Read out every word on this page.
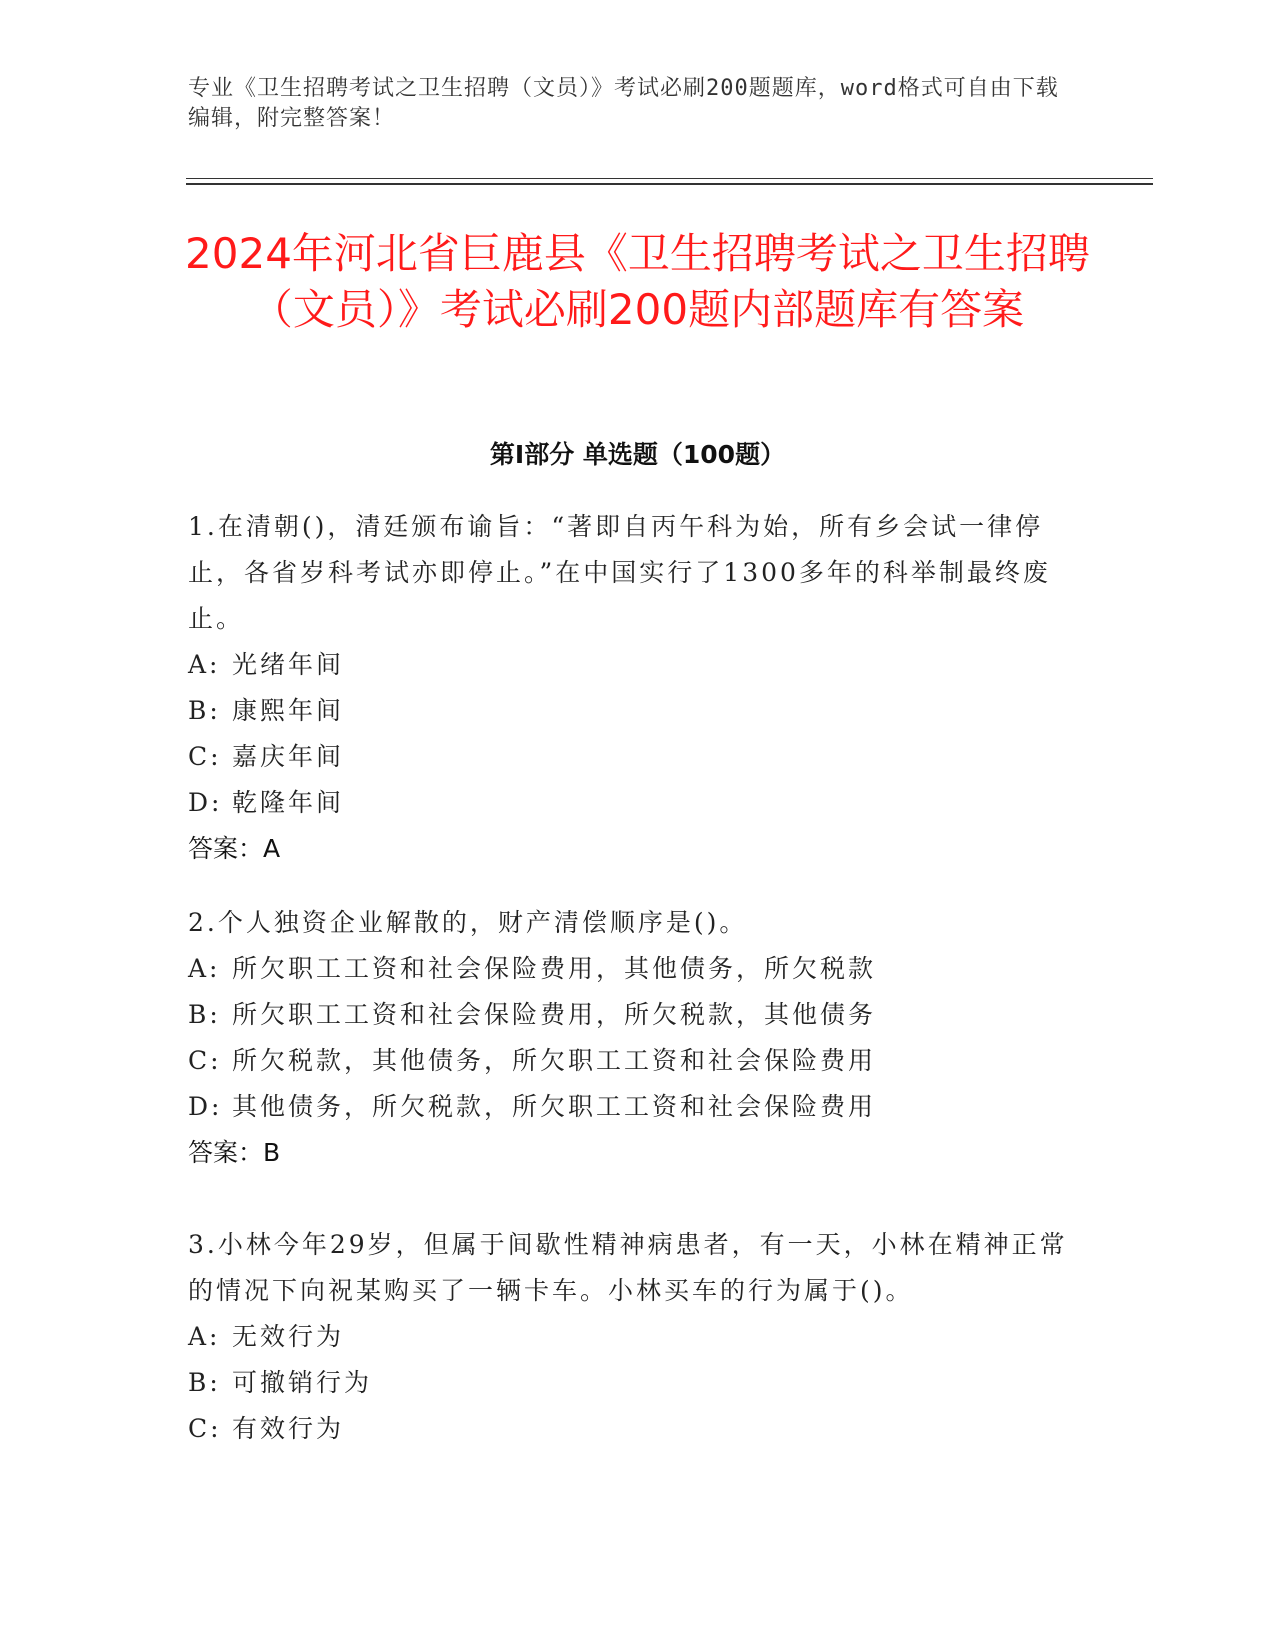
专业《卫生招聘考试之卫生招聘（文员）》考试必刷200题题库，word格式可自由下载编辑，附完整答案！
2024年河北省巨鹿县《卫生招聘考试之卫生招聘（文员）》考试必刷200题内部题库有答案
第Ⅰ部分 单选题（100题）

1.在清朝()，清廷颁布谕旨：“著即自丙午科为始，所有乡会试一律停止，各省岁科考试亦即停止。”在中国实行了1300多年的科举制最终废止。

A: 光绪年间

B: 康熙年间

C: 嘉庆年间

D: 乾隆年间

答案：A

2.个人独资企业解散的，财产清偿顺序是()。

A: 所欠职工工资和社会保险费用，其他债务，所欠税款

B: 所欠职工工资和社会保险费用，所欠税款，其他债务

C: 所欠税款，其他债务，所欠职工工资和社会保险费用

D: 其他债务，所欠税款，所欠职工工资和社会保险费用

答案：B

3.小林今年29岁，但属于间歇性精神病患者，有一天，小林在精神正常的情况下向祝某购买了一辆卡车。小林买车的行为属于()。

A: 无效行为

B: 可撤销行为

C: 有效行为
